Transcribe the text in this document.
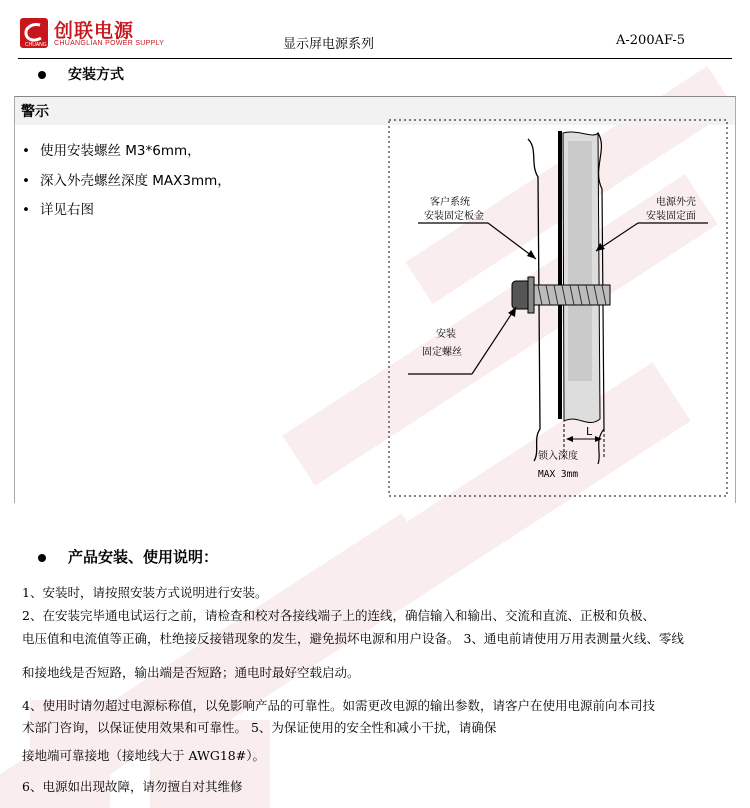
CHUANG
创联电源
CHUANGLIAN POWER SUPPLY	显示屏电源系列	A-200AF-5
安装方式
警示
• 使用安装螺丝 M3*6mm，
• 深入外壳螺丝深度 MAX3mm，
• 详见右图
L
客户系统
安装固定板金
电源外壳
安装固定面
安装
固定螺丝
锁入深度
MAX 3mm
产品安装、使用说明：
1、安装时，请按照安装方式说明进行安装。
2、在安装完毕通电试运行之前，请检查和校对各接线端子上的连线，确信输入和输出、交流和直流、正极和负极、
电压值和电流值等正确，杜绝接反接错现象的发生，避免损坏电源和用户设备。 3、通电前请使用万用表测量火线、零线
和接地线是否短路，输出端是否短路；通电时最好空载启动。
4、使用时请勿超过电源标称值，以免影响产品的可靠性。如需更改电源的输出参数，请客户在使用电源前向本司技
术部门咨询，以保证使用效果和可靠性。 5、为保证使用的安全性和减小干扰，请确保
接地端可靠接地（接地线大于 AWG18#）。
6、电源如出现故障，请勿擅自对其维修
